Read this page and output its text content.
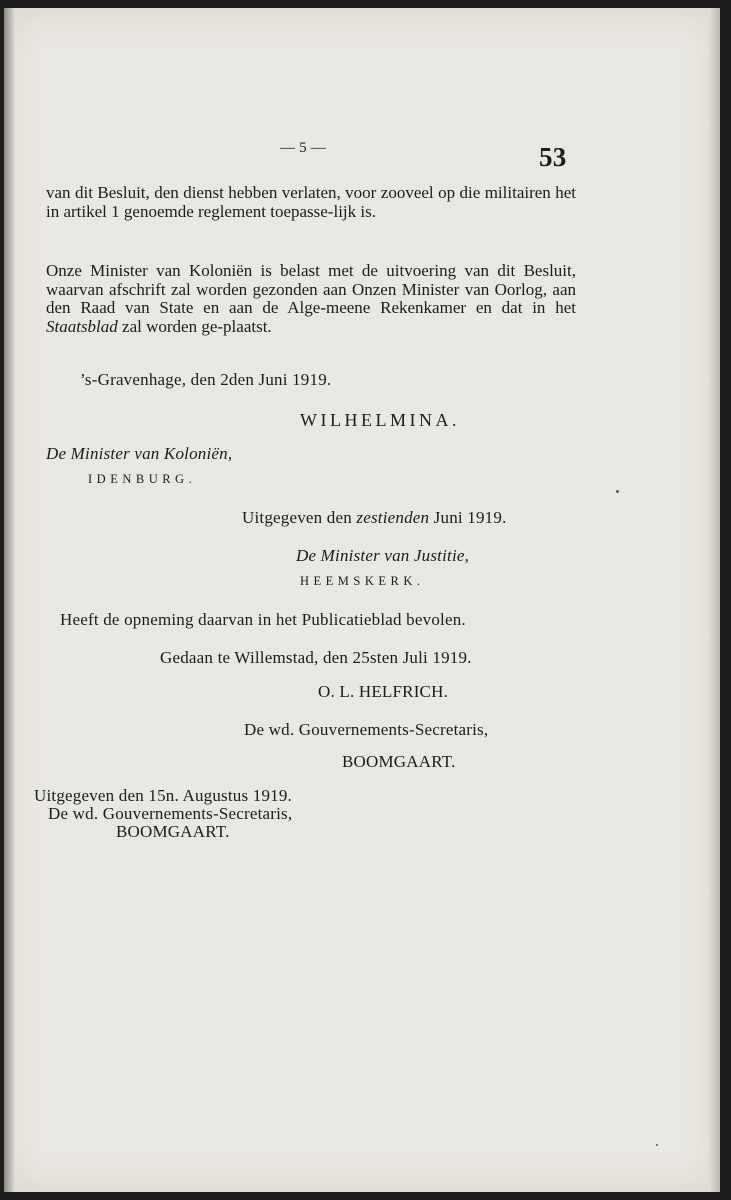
— 5 —	53
van dit Besluit, den dienst hebben verlaten, voor zooveel op die militairen het in artikel 1 genoemde reglement toepasse-lijk is.
Onze Minister van Koloniën is belast met de uitvoering van dit Besluit, waarvan afschrift zal worden gezonden aan Onzen Minister van Oorlog, aan den Raad van State en aan de Alge-meene Rekenkamer en dat in het Staatsblad zal worden ge-plaatst.
’s-Gravenhage, den 2den Juni 1919.
WILHELMINA.
De Minister van Koloniën,
IDENBURG.
Uitgegeven den zestienden Juni 1919.
De Minister van Justitie,
HEEMSKERK.
Heeft de opneming daarvan in het Publicatieblad bevolen.
Gedaan te Willemstad, den 25sten Juli 1919.
O. L. HELFRICH.
De wd. Gouvernements-Secretaris,
BOOMGAART.
Uitgegeven den 15n. Augustus 1919.
De wd. Gouvernements-Secretaris,
BOOMGAART.
